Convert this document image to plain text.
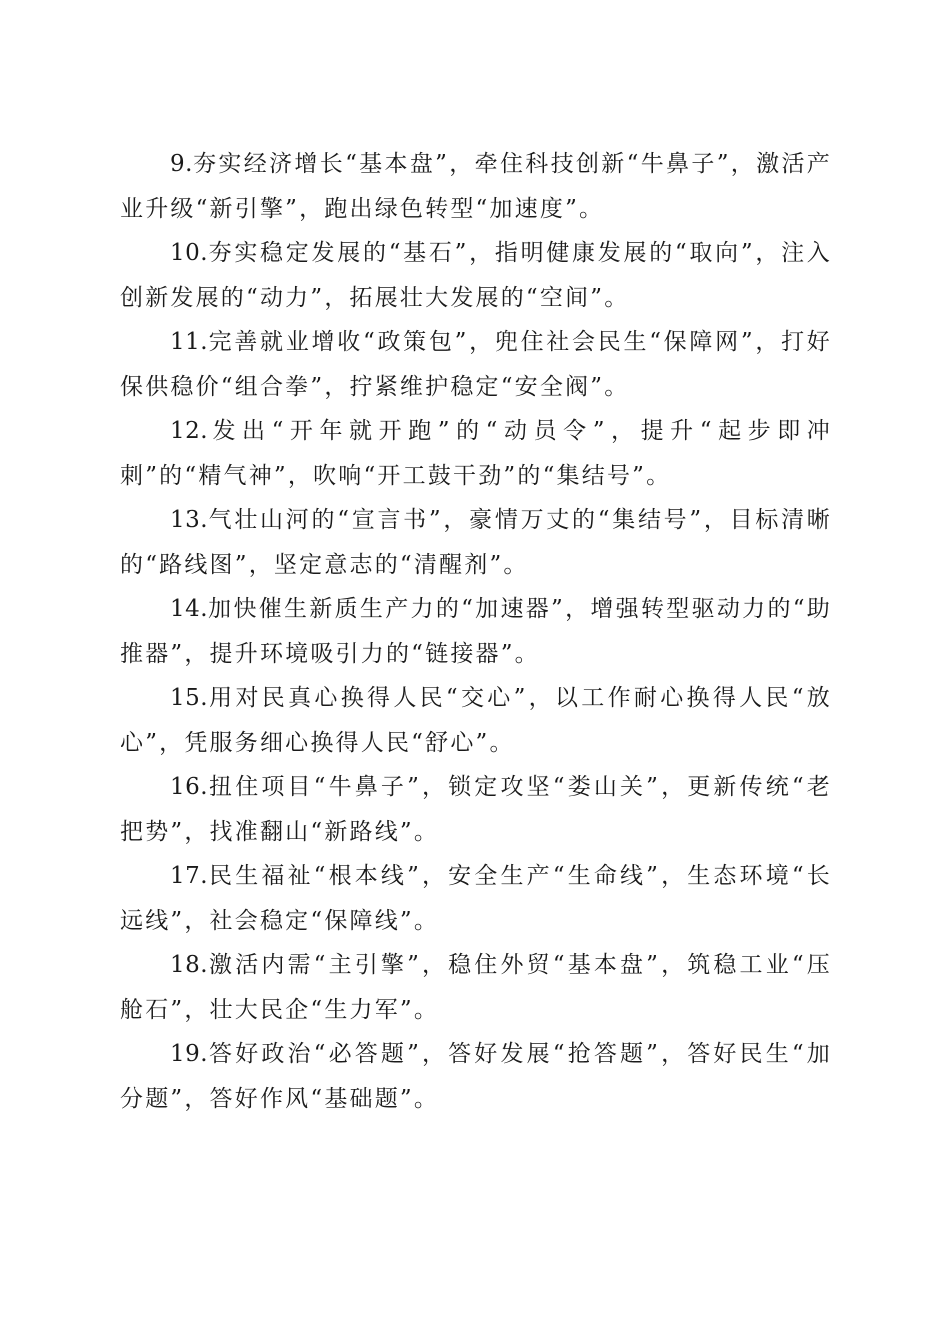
9.夯实经济增长“基本盘”，牵住科技创新“牛鼻子”，激活产业升级“新引擎”，跑出绿色转型“加速度”。

10.夯实稳定发展的“基石”，指明健康发展的“取向”，注入创新发展的“动力”，拓展壮大发展的“空间”。

11.完善就业增收“政策包”，兜住社会民生“保障网”，打好保供稳价“组合拳”，拧紧维护稳定“安全阀”。

12.发出“开年就开跑”的“动员令”，提升“起步即冲刺”的“精气神”，吹响“开工鼓干劲”的“集结号”。

13.气壮山河的“宣言书”，豪情万丈的“集结号”，目标清晰的“路线图”，坚定意志的“清醒剂”。

14.加快催生新质生产力的“加速器”，增强转型驱动力的“助推器”，提升环境吸引力的“链接器”。

15.用对民真心换得人民“交心”，以工作耐心换得人民“放心”，凭服务细心换得人民“舒心”。

16.扭住项目“牛鼻子”，锁定攻坚“娄山关”，更新传统“老把势”，找准翻山“新路线”。

17.民生福祉“根本线”，安全生产“生命线”，生态环境“长远线”，社会稳定“保障线”。

18.激活内需“主引擎”，稳住外贸“基本盘”，筑稳工业“压舱石”，壮大民企“生力军”。

19.答好政治“必答题”，答好发展“抢答题”，答好民生“加分题”，答好作风“基础题”。
